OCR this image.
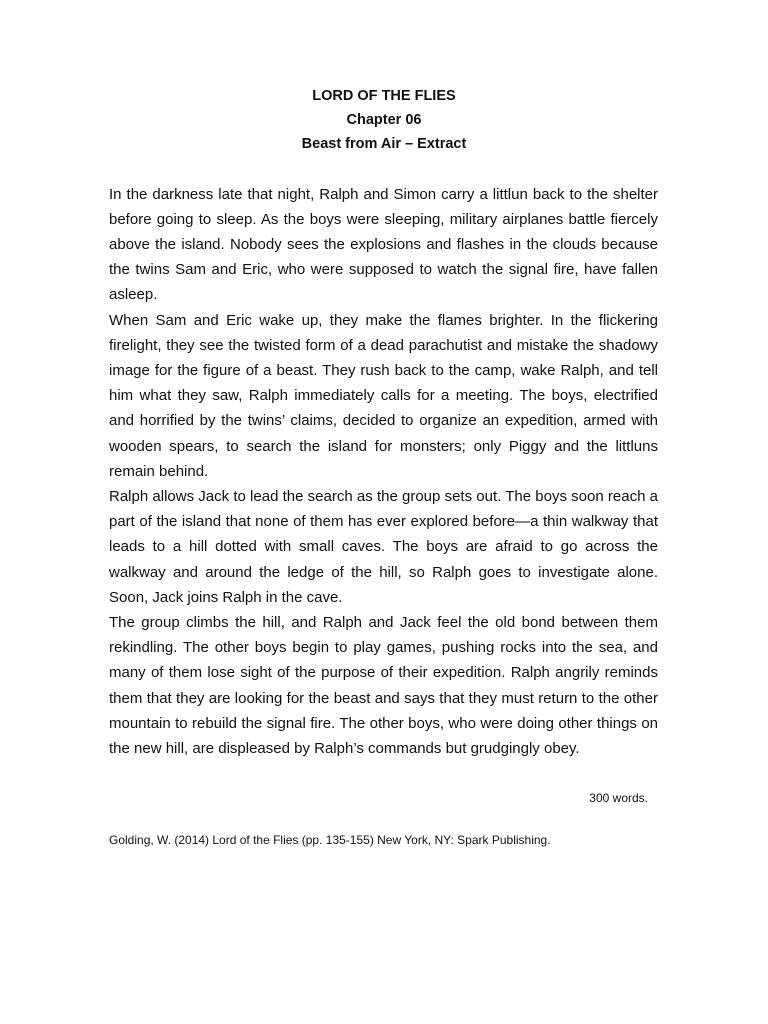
LORD OF THE FLIES

Chapter 06

Beast from Air – Extract

In the darkness late that night, Ralph and Simon carry a littlun back to the shelter before going to sleep. As the boys were sleeping, military airplanes battle fiercely above the island. Nobody sees the explosions and flashes in the clouds because the twins Sam and Eric, who were supposed to watch the signal fire, have fallen asleep.

When Sam and Eric wake up, they make the flames brighter. In the flickering firelight, they see the twisted form of a dead parachutist and mistake the shadowy image for the figure of a beast. They rush back to the camp, wake Ralph, and tell him what they saw, Ralph immediately calls for a meeting. The boys, electrified and horrified by the twins’ claims, decided to organize an expedition, armed with wooden spears, to search the island for monsters; only Piggy and the littluns remain behind.

Ralph allows Jack to lead the search as the group sets out. The boys soon reach a part of the island that none of them has ever explored before—a thin walkway that leads to a hill dotted with small caves. The boys are afraid to go across the walkway and around the ledge of the hill, so Ralph goes to investigate alone. Soon, Jack joins Ralph in the cave.

The group climbs the hill, and Ralph and Jack feel the old bond between them rekindling. The other boys begin to play games, pushing rocks into the sea, and many of them lose sight of the purpose of their expedition. Ralph angrily reminds them that they are looking for the beast and says that they must return to the other mountain to rebuild the signal fire. The other boys, who were doing other things on the new hill, are displeased by Ralph’s commands but grudgingly obey.

300 words.
Golding, W. (2014) Lord of the Flies (pp. 135-155) New York, NY: Spark Publishing.
